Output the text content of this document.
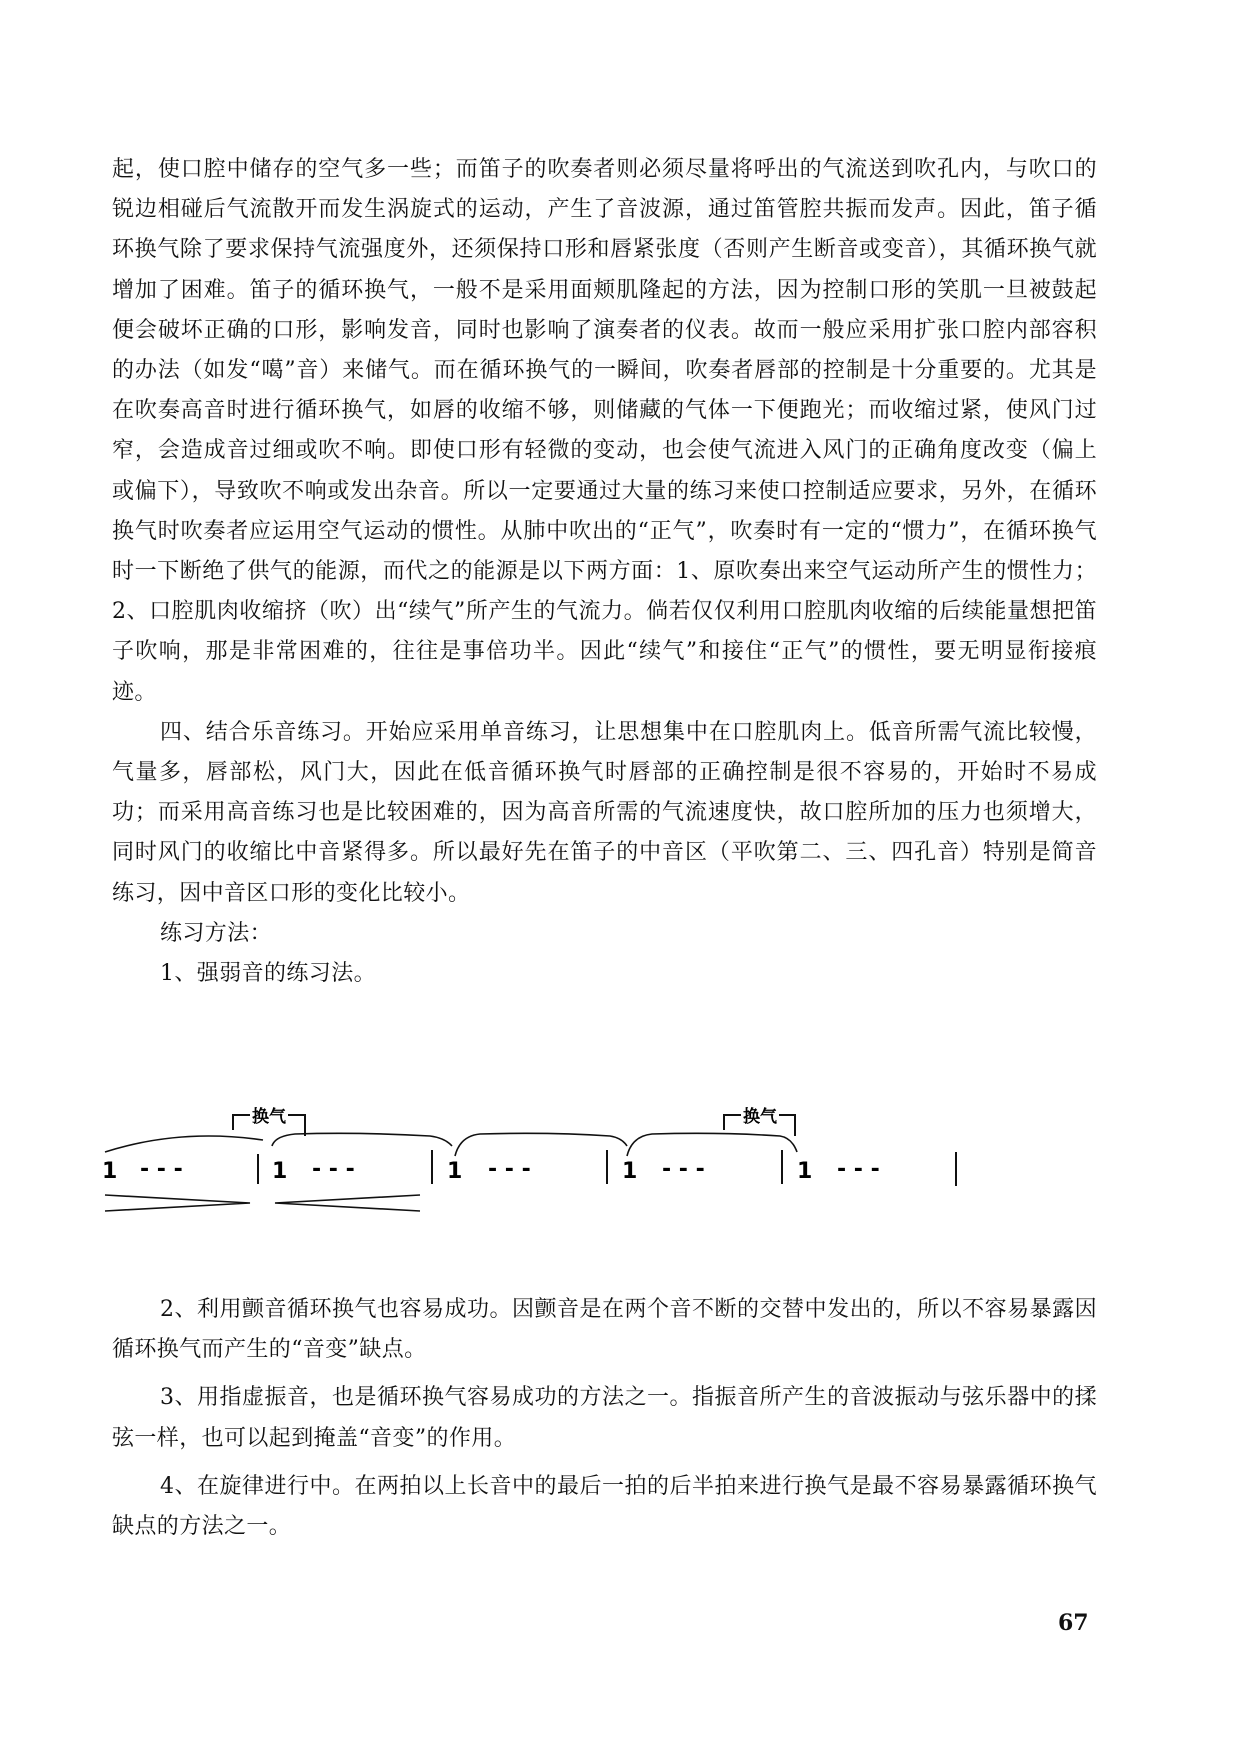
起，使口腔中储存的空气多一些；而笛子的吹奏者则必须尽量将呼出的气流送到吹孔内，与吹口的锐边相碰后气流散开而发生涡旋式的运动，产生了音波源，通过笛管腔共振而发声。因此，笛子循环换气除了要求保持气流强度外，还须保持口形和唇紧张度（否则产生断音或变音），其循环换气就增加了困难。笛子的循环换气，一般不是采用面颊肌隆起的方法，因为控制口形的笑肌一旦被鼓起便会破坏正确的口形，影响发音，同时也影响了演奏者的仪表。故而一般应采用扩张口腔内部容积的办法（如发“噶”音）来储气。而在循环换气的一瞬间，吹奏者唇部的控制是十分重要的。尤其是在吹奏高音时进行循环换气，如唇的收缩不够，则储藏的气体一下便跑光；而收缩过紧，使风门过窄，会造成音过细或吹不响。即使口形有轻微的变动，也会使气流进入风门的正确角度改变（偏上或偏下），导致吹不响或发出杂音。所以一定要通过大量的练习来使口控制适应要求，另外，在循环换气时吹奏者应运用空气运动的惯性。从肺中吹出的“正气”，吹奏时有一定的“惯力”，在循环换气时一下断绝了供气的能源，而代之的能源是以下两方面：1、原吹奏出来空气运动所产生的惯性力；2、口腔肌肉收缩挤（吹）出“续气”所产生的气流力。倘若仅仅利用口腔肌肉收缩的后续能量想把笛子吹响，那是非常困难的，往往是事倍功半。因此“续气”和接住“正气”的惯性，要无明显衔接痕迹。

四、结合乐音练习。开始应采用单音练习，让思想集中在口腔肌肉上。低音所需气流比较慢，气量多，唇部松，风门大，因此在低音循环换气时唇部的正确控制是很不容易的，开始时不易成功；而采用高音练习也是比较困难的，因为高音所需的气流速度快，故口腔所加的压力也须增大，同时风门的收缩比中音紧得多。所以最好先在笛子的中音区（平吹第二、三、四孔音）特别是简音练习，因中音区口形的变化比较小。

练习方法：

1、强弱音的练习法。

换气	换气
1 - - -	1 - - -	1 - - -	1 - - -	1 - - -

2、利用颤音循环换气也容易成功。因颤音是在两个音不断的交替中发出的，所以不容易暴露因循环换气而产生的“音变”缺点。

3、用指虚振音，也是循环换气容易成功的方法之一。指振音所产生的音波振动与弦乐器中的揉弦一样，也可以起到掩盖“音变”的作用。

4、在旋律进行中。在两拍以上长音中的最后一拍的后半拍来进行换气是最不容易暴露循环换气缺点的方法之一。

67
